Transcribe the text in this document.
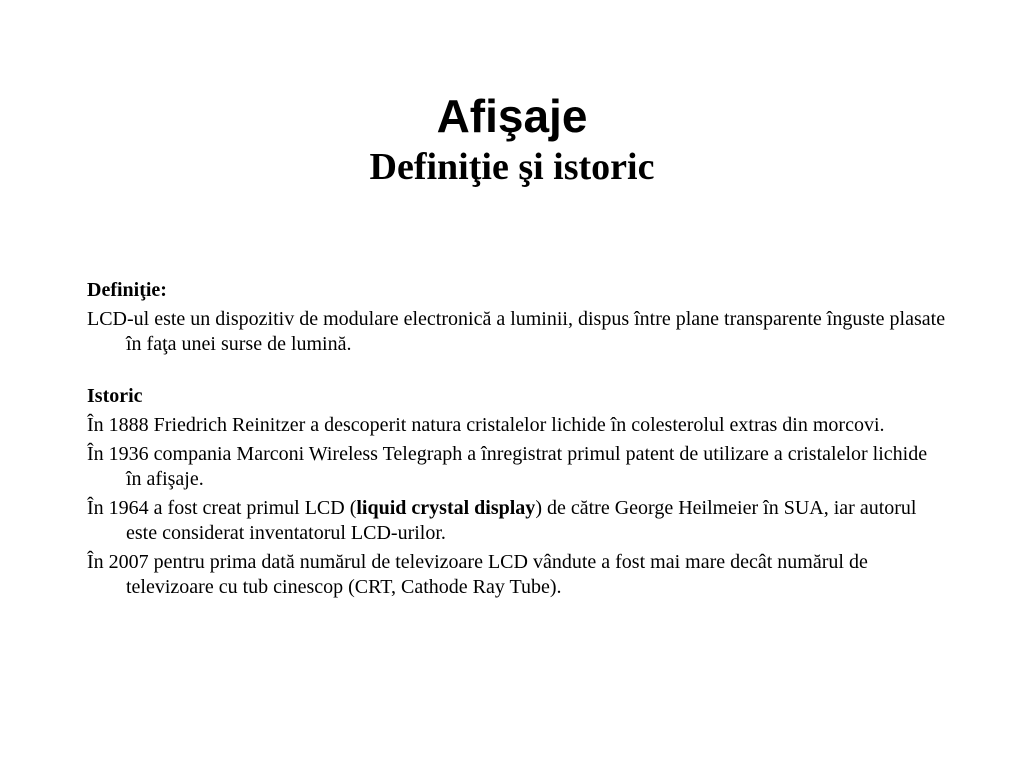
Afişaje
Definiţie şi istoric
Definiţie:
LCD-ul este un dispozitiv de modulare electronică a luminii, dispus între plane transparente înguste plasate în faţa unei surse de lumină.
Istoric
În 1888 Friedrich Reinitzer a descoperit natura cristalelor lichide în colesterolul extras din morcovi.
În 1936 compania Marconi Wireless Telegraph a înregistrat primul patent de utilizare a cristalelor lichide în afişaje.
În 1964 a fost creat primul LCD (liquid crystal display) de către George Heilmeier în SUA, iar autorul este considerat inventatorul LCD-urilor.
În 2007 pentru prima dată numărul de televizoare LCD vândute a fost mai mare decât numărul de televizoare cu tub cinescop (CRT, Cathode Ray Tube).
